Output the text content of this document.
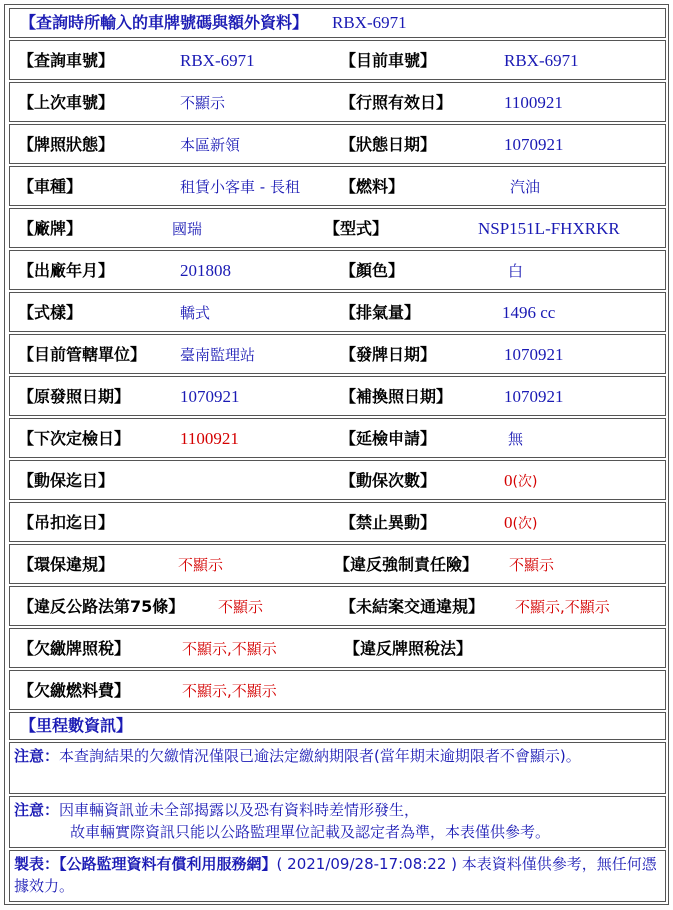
【查詢時所輸入的車牌號碼與額外資料】 RBX-6971
【查詢車號】	RBX-6971	【目前車號】	RBX-6971
【上次車號】	不顯示	【行照有效日】	1100921
【牌照狀態】	本區新領	【狀態日期】	1070921
【車種】	租賃小客車 - 長租	【燃料】	汽油
【廠牌】	國瑞	【型式】	NSP151L-FHXRKR
【出廠年月】	201808	【顏色】	白
【式樣】	轎式	【排氣量】	1496 cc
【目前管轄單位】 臺南監理站	【發牌日期】	1070921
【原發照日期】	1070921	【補換照日期】	1070921
【下次定檢日】	1100921	【延檢申請】	無
【動保迄日】	【動保次數】	0(次)
【吊扣迄日】	【禁止異動】	0(次)
【環保違規】	不顯示	【違反強制責任險】 不顯示
【違反公路法第75條】 不顯示	【未結案交通違規】 不顯示,不顯示
【欠繳牌照稅】	不顯示,不顯示	【違反牌照稅法】
【欠繳燃料費】	不顯示,不顯示
【里程數資訊】
注意：本查詢結果的欠繳情況僅限已逾法定繳納期限者(當年期末逾期限者不會顯示)。
注意：因車輛資訊並未全部揭露以及恐有資料時差情形發生，
故車輛實際資訊只能以公路監理單位記載及認定者為準，本表僅供參考。
製表：【公路監理資料有償利用服務網】( 2021/09/28-17:08:22 ) 本表資料僅供參考，無任何憑據效力。
